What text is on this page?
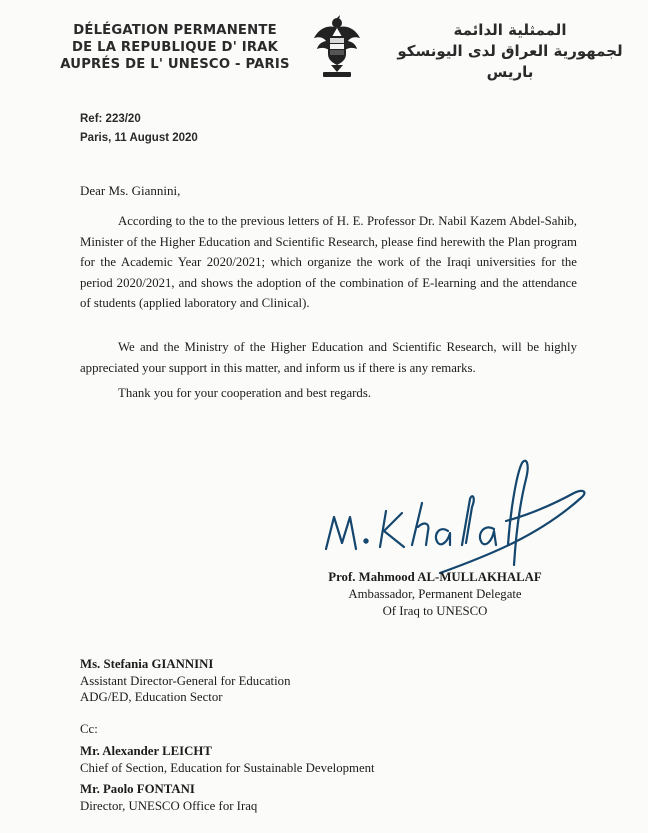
DÉLÉGATION PERMANENTE
DE LA REPUBLIQUE D' IRAK
AUPRÉS DE L' UNESCO - PARIS
الممثلية الدائمة
لجمهورية العراق لدى اليونسكو
باريس
Ref: 223/20
Paris, 11 August 2020
Dear Ms. Giannini,
According to the to the previous letters of H. E. Professor Dr. Nabil Kazem Abdel-Sahib, Minister of the Higher Education and Scientific Research, please find herewith the Plan program for the Academic Year 2020/2021; which organize the work of the Iraqi universities for the period 2020/2021, and shows the adoption of the combination of E-learning and the attendance of students (applied laboratory and Clinical).
We and the Ministry of the Higher Education and Scientific Research, will be highly appreciated your support in this matter, and inform us if there is any remarks.
Thank you for your cooperation and best regards.
Prof. Mahmood AL-MULLAKHALAF
Ambassador, Permanent Delegate
Of Iraq to UNESCO
Ms. Stefania GIANNINI
Assistant Director-General for Education
ADG/ED, Education Sector
Cc:
Mr. Alexander LEICHT
Chief of Section, Education for Sustainable Development
Mr. Paolo FONTANI
Director, UNESCO Office for Iraq
